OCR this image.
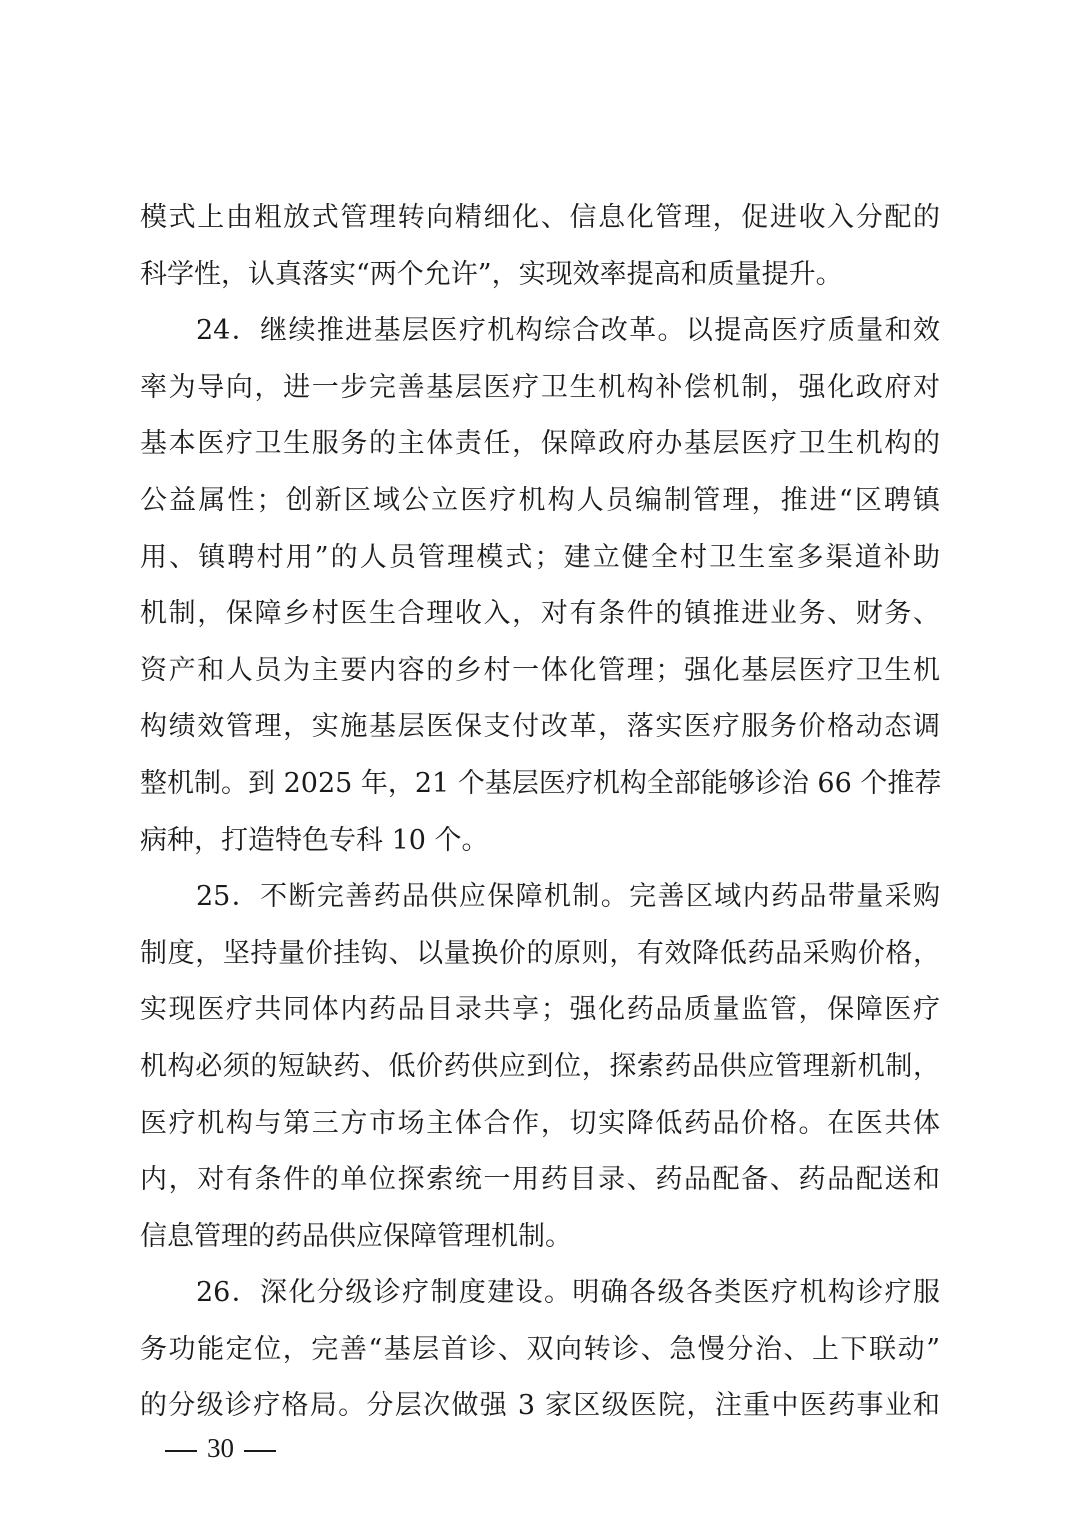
模式上由粗放式管理转向精细化、信息化管理，促进收入分配的
科学性，认真落实“两个允许”，实现效率提高和质量提升。
24．继续推进基层医疗机构综合改革。以提高医疗质量和效
率为导向，进一步完善基层医疗卫生机构补偿机制，强化政府对
基本医疗卫生服务的主体责任，保障政府办基层医疗卫生机构的
公益属性；创新区域公立医疗机构人员编制管理，推进“区聘镇
用、镇聘村用”的人员管理模式；建立健全村卫生室多渠道补助
机制，保障乡村医生合理收入，对有条件的镇推进业务、财务、
资产和人员为主要内容的乡村一体化管理；强化基层医疗卫生机
构绩效管理，实施基层医保支付改革，落实医疗服务价格动态调
整机制。到 2025 年，21 个基层医疗机构全部能够诊治 66 个推荐
病种，打造特色专科 10 个。
25．不断完善药品供应保障机制。完善区域内药品带量采购
制度，坚持量价挂钩、以量换价的原则，有效降低药品采购价格，
实现医疗共同体内药品目录共享；强化药品质量监管，保障医疗
机构必须的短缺药、低价药供应到位，探索药品供应管理新机制，
医疗机构与第三方市场主体合作，切实降低药品价格。在医共体
内，对有条件的单位探索统一用药目录、药品配备、药品配送和
信息管理的药品供应保障管理机制。
26．深化分级诊疗制度建设。明确各级各类医疗机构诊疗服
务功能定位，完善“基层首诊、双向转诊、急慢分治、上下联动”
的分级诊疗格局。分层次做强 3 家区级医院，注重中医药事业和
30
